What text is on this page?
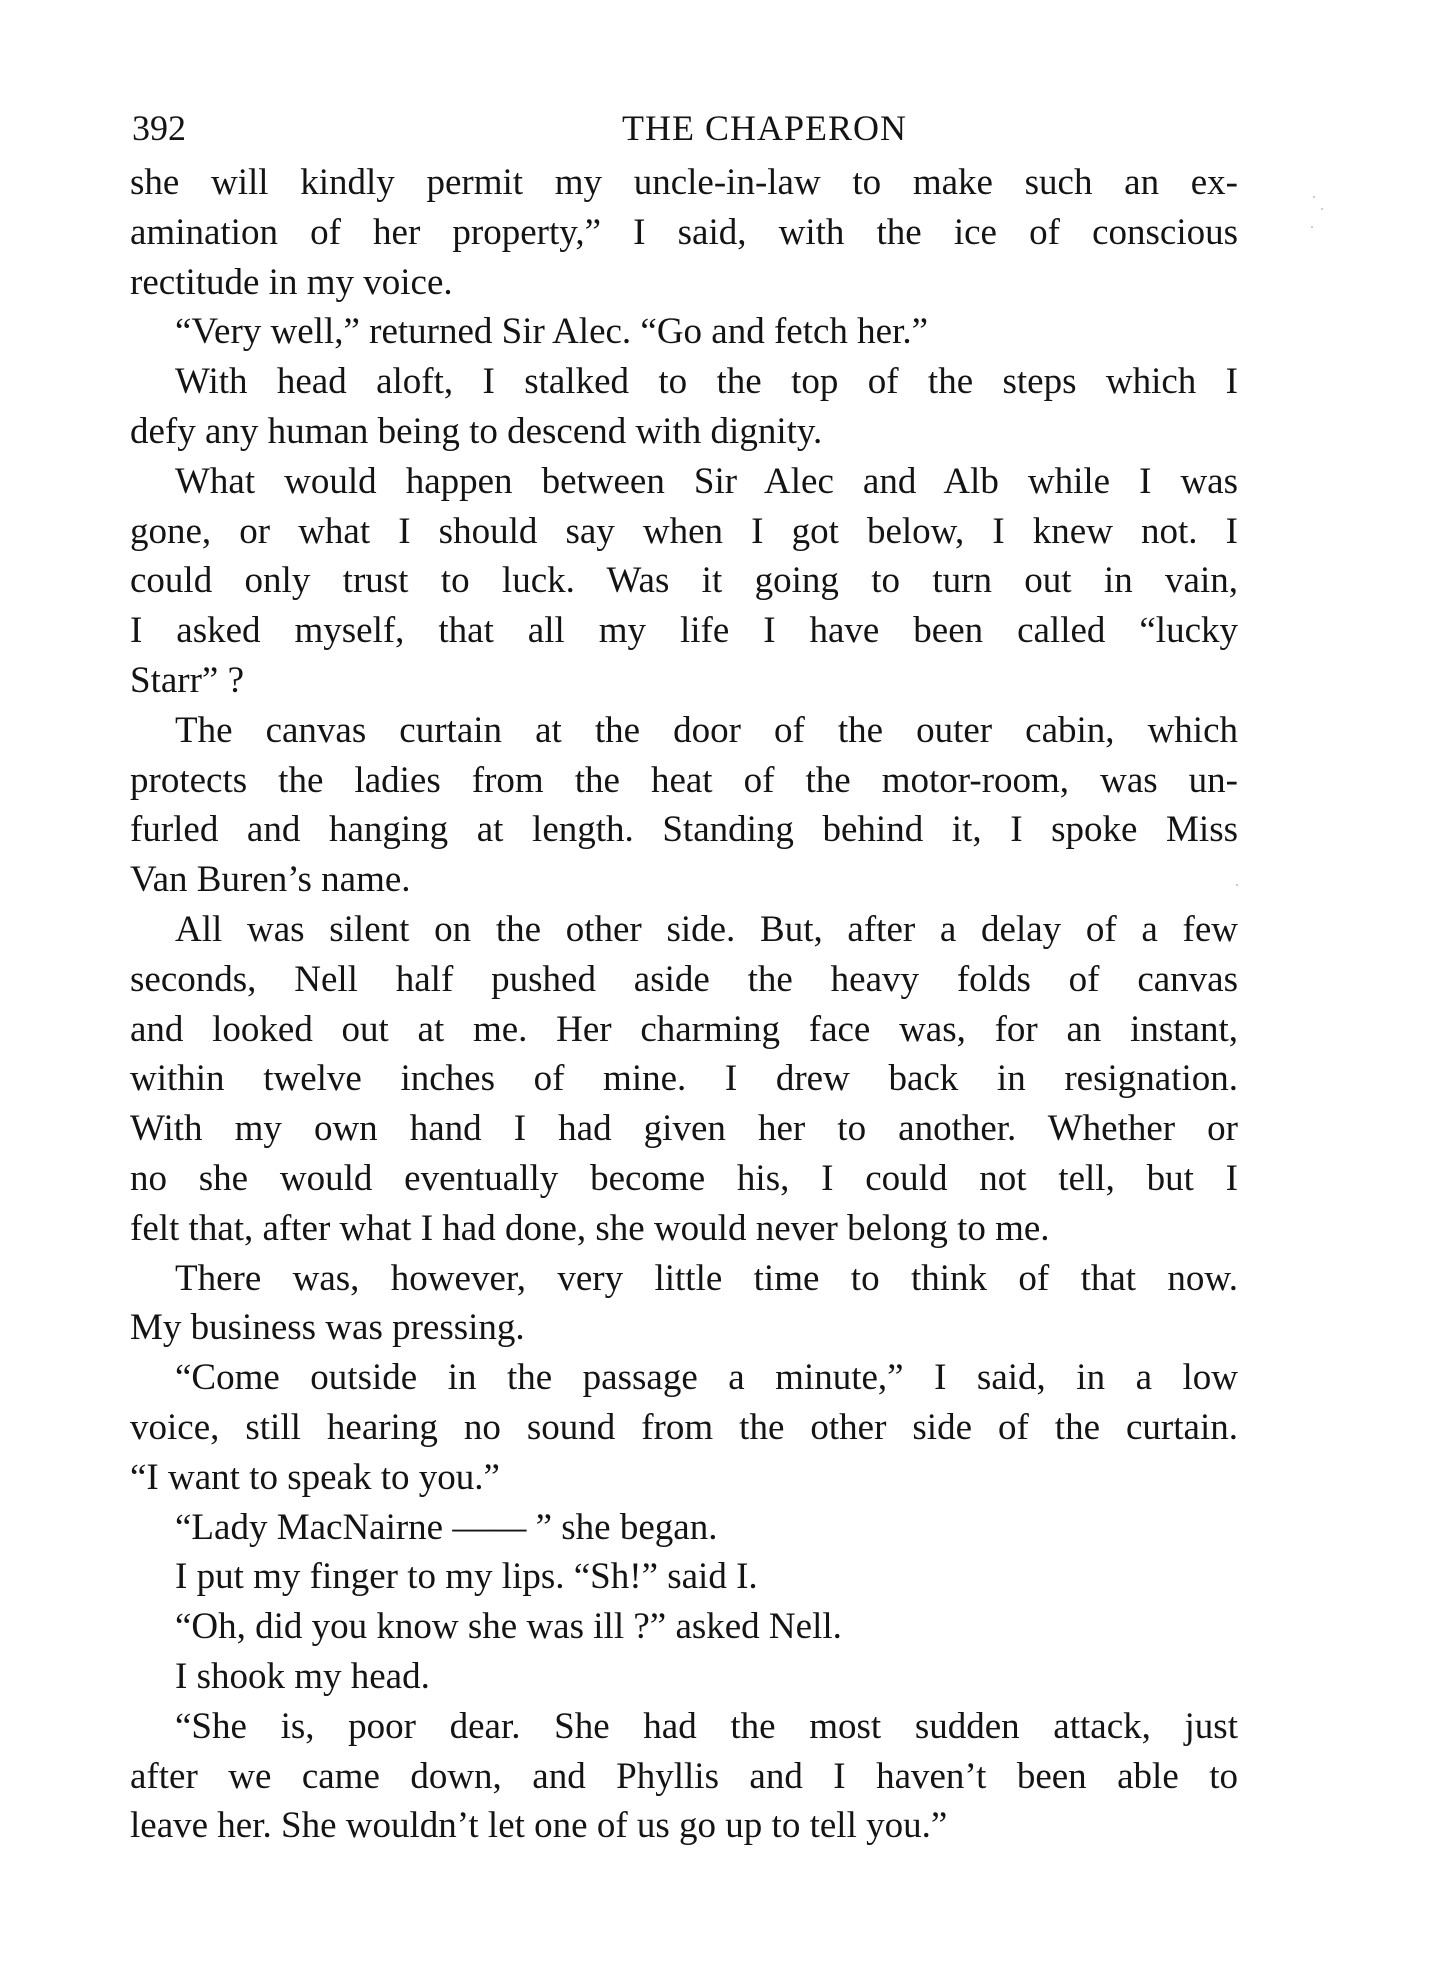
392	THE CHAPERON
she will kindly permit my uncle-in-law to make such an ex-
amination of her property,” I said, with the ice of conscious
rectitude in my voice.
“Very well,” returned Sir Alec. “Go and fetch her.”
With head aloft, I stalked to the top of the steps which I
defy any human being to descend with dignity.
What would happen between Sir Alec and Alb while I was
gone, or what I should say when I got below, I knew not. I
could only trust to luck. Was it going to turn out in vain,
I asked myself, that all my life I have been called “lucky
Starr” ?
The canvas curtain at the door of the outer cabin, which
protects the ladies from the heat of the motor-room, was un-
furled and hanging at length. Standing behind it, I spoke Miss
Van Buren’s name.
All was silent on the other side. But, after a delay of a few
seconds, Nell half pushed aside the heavy folds of canvas
and looked out at me. Her charming face was, for an instant,
within twelve inches of mine. I drew back in resignation.
With my own hand I had given her to another. Whether or
no she would eventually become his, I could not tell, but I
felt that, after what I had done, she would never belong to me.
There was, however, very little time to think of that now.
My business was pressing.
“Come outside in the passage a minute,” I said, in a low
voice, still hearing no sound from the other side of the curtain.
“I want to speak to you.”
“Lady MacNairne —— ” she began.
I put my finger to my lips. “Sh!” said I.
“Oh, did you know she was ill ?” asked Nell.
I shook my head.
“She is, poor dear. She had the most sudden attack, just
after we came down, and Phyllis and I haven’t been able to
leave her. She wouldn’t let one of us go up to tell you.”
